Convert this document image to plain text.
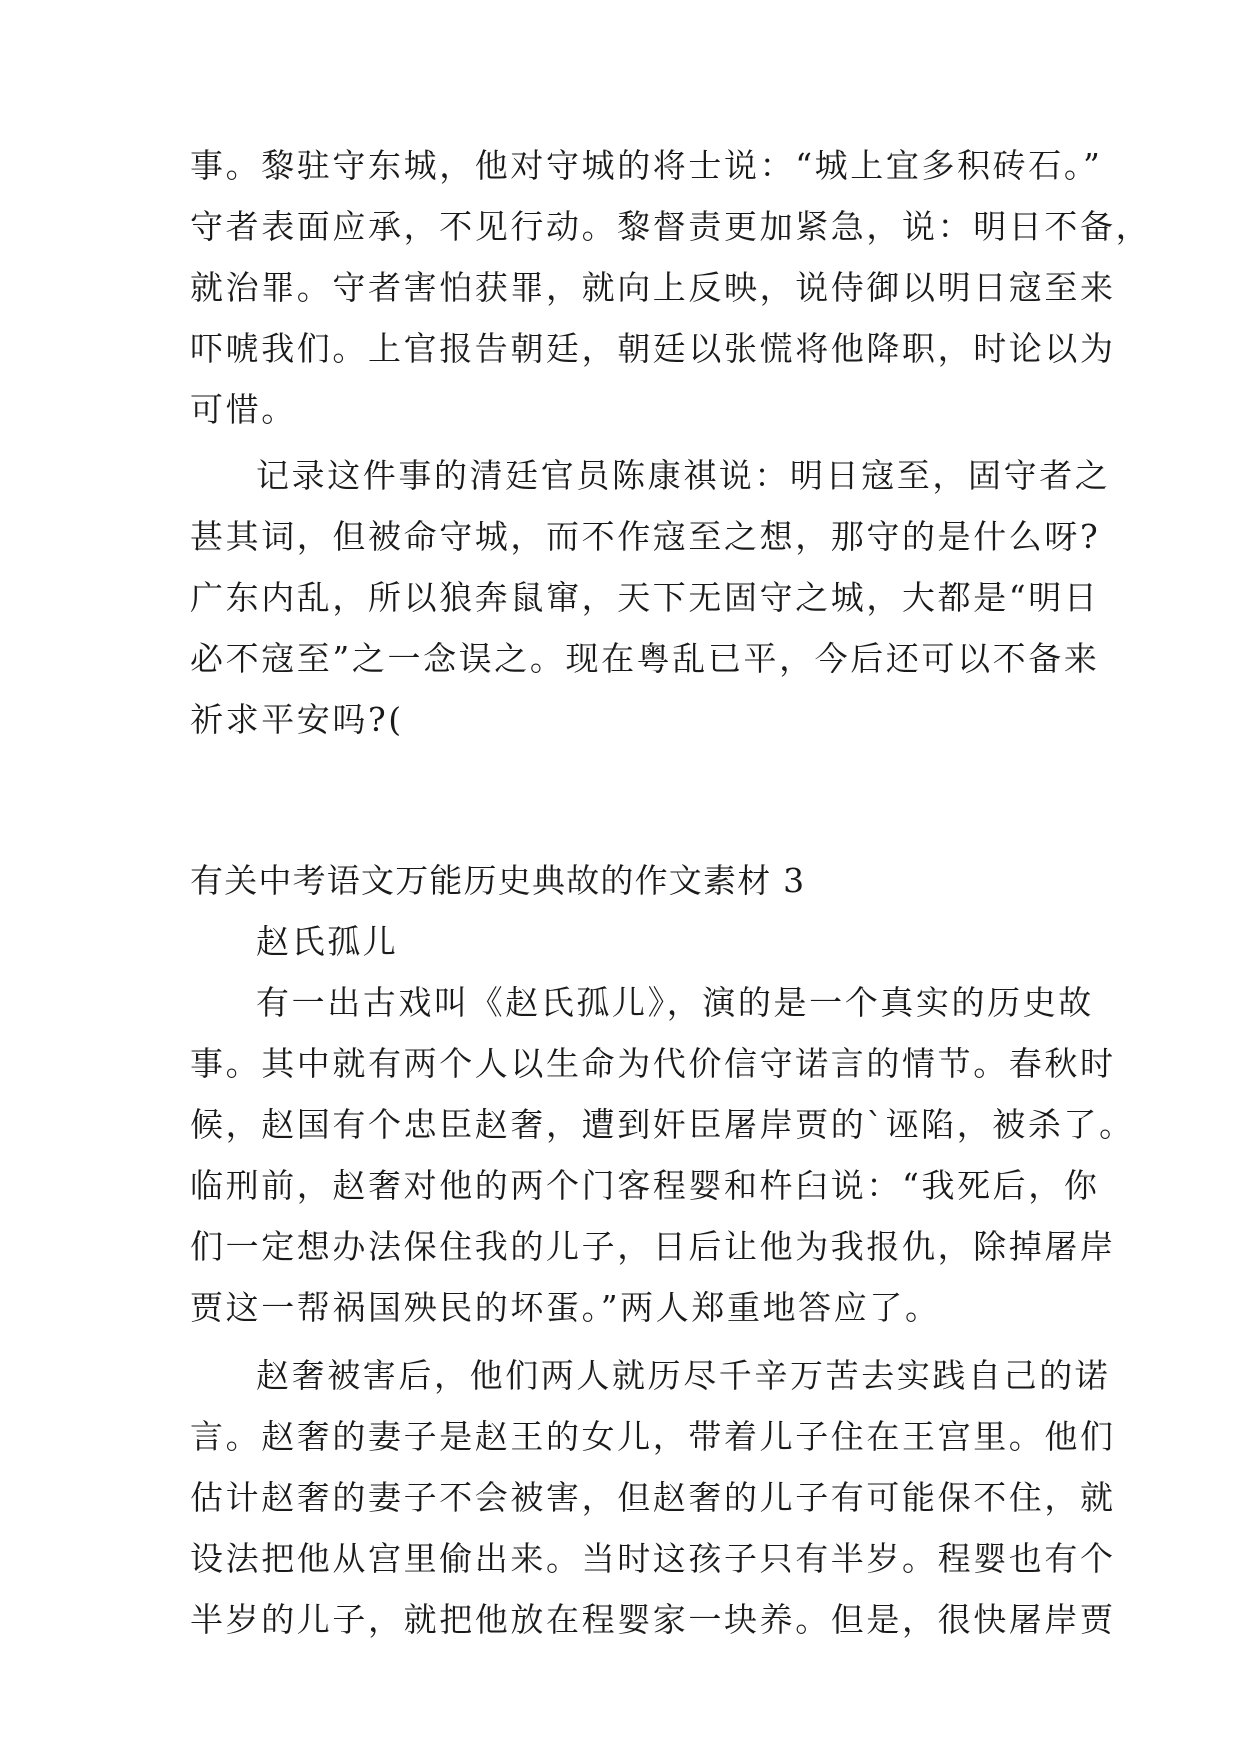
事。黎驻守东城，他对守城的将士说：“城上宜多积砖石。”
守者表面应承，不见行动。黎督责更加紧急，说：明日不备，
就治罪。守者害怕获罪，就向上反映，说侍御以明日寇至来
吓唬我们。上官报告朝廷，朝廷以张慌将他降职，时论以为
可惜。
记录这件事的清廷官员陈康祺说：明日寇至，固守者之
甚其词，但被命守城，而不作寇至之想，那守的是什么呀?
广东内乱，所以狼奔鼠窜，天下无固守之城，大都是“明日
必不寇至”之一念误之。现在粤乱已平，今后还可以不备来
祈求平安吗?(
有关中考语文万能历史典故的作文素材 3
赵氏孤儿
有一出古戏叫《赵氏孤儿》，演的是一个真实的历史故
事。其中就有两个人以生命为代价信守诺言的情节。春秋时
候，赵国有个忠臣赵奢，遭到奸臣屠岸贾的`诬陷，被杀了。
临刑前，赵奢对他的两个门客程婴和杵臼说：“我死后，你
们一定想办法保住我的儿子，日后让他为我报仇，除掉屠岸
贾这一帮祸国殃民的坏蛋。”两人郑重地答应了。
赵奢被害后，他们两人就历尽千辛万苦去实践自己的诺
言。赵奢的妻子是赵王的女儿，带着儿子住在王宫里。他们
估计赵奢的妻子不会被害，但赵奢的儿子有可能保不住，就
设法把他从宫里偷出来。当时这孩子只有半岁。程婴也有个
半岁的儿子，就把他放在程婴家一块养。但是，很快屠岸贾
